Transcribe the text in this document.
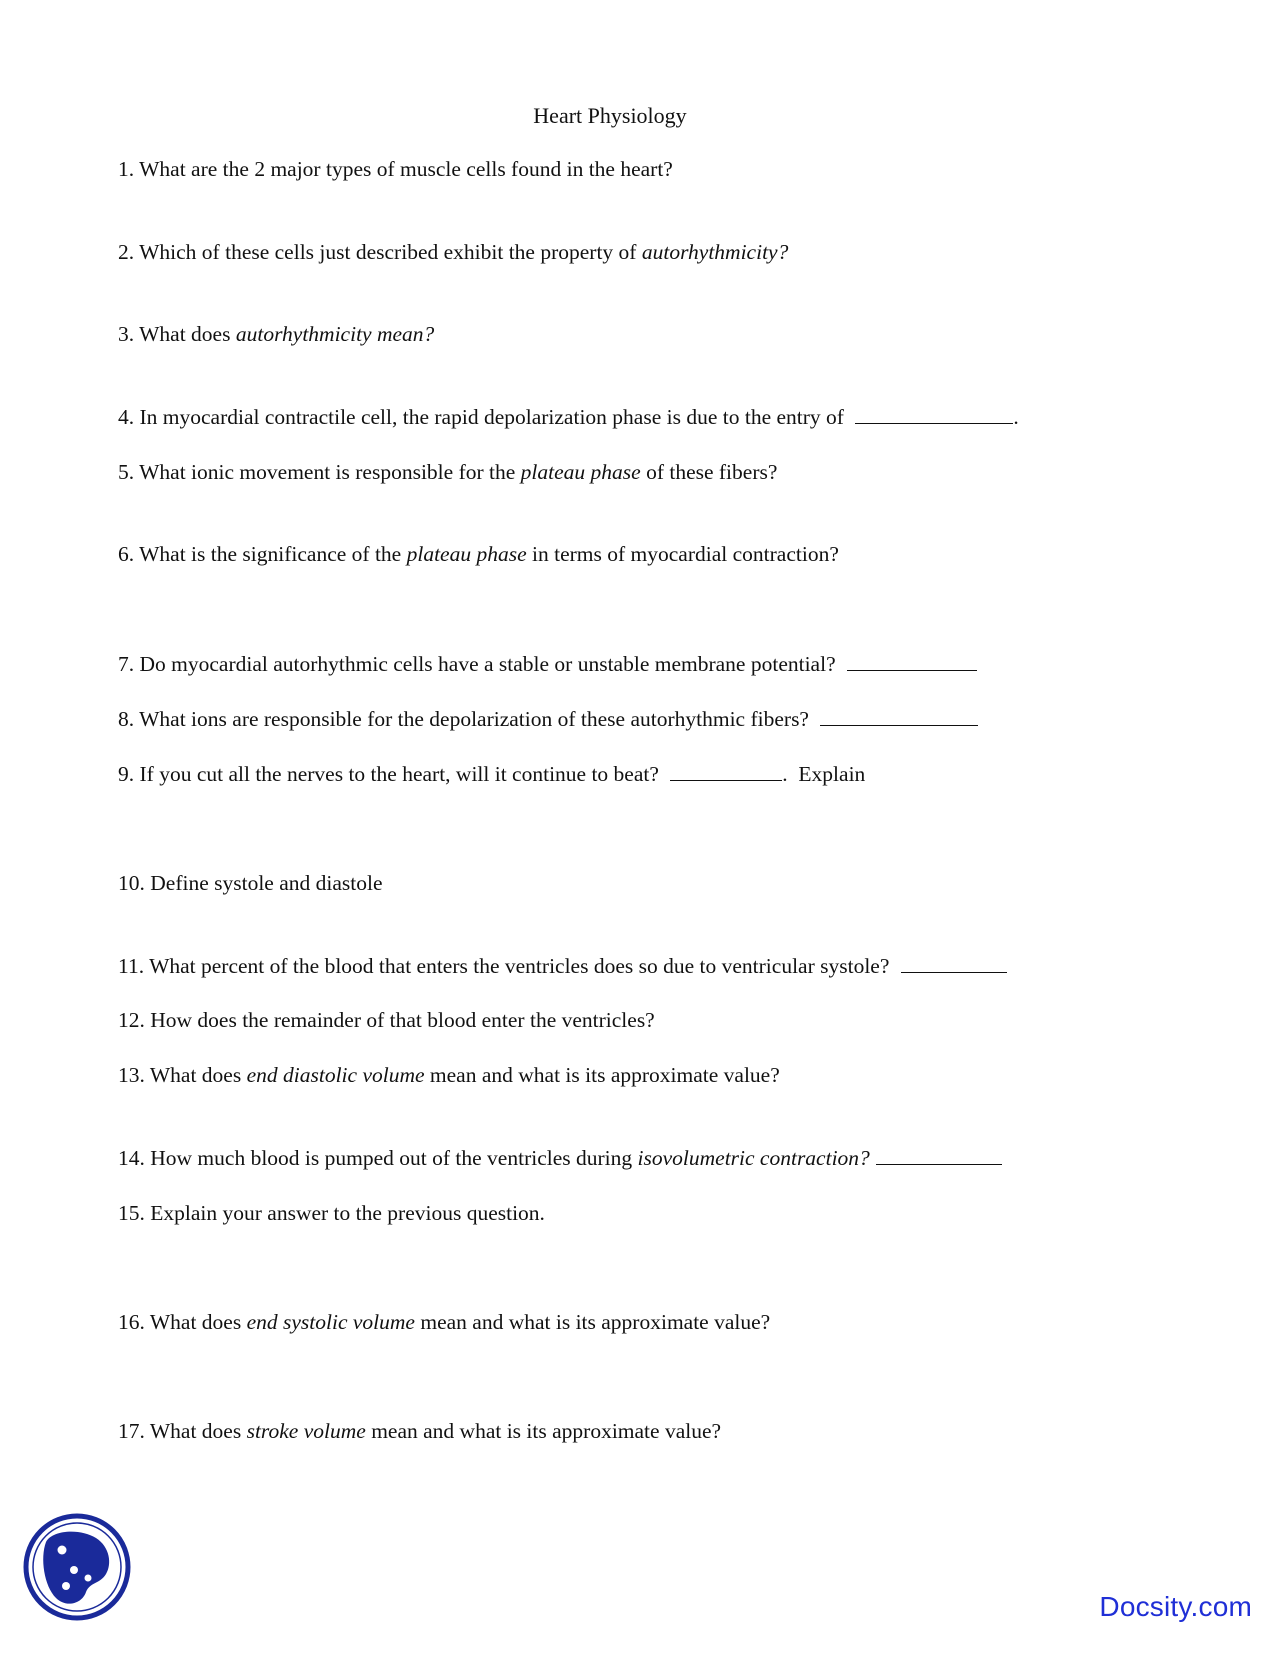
Heart Physiology
1. What are the 2 major types of muscle cells found in the heart?
2. Which of these cells just described exhibit the property of autorhythmicity?
3. What does autorhythmicity mean?
4. In myocardial contractile cell, the rapid depolarization phase is due to the entry of	.
5. What ionic movement is responsible for the plateau phase of these fibers?
6. What is the significance of the plateau phase in terms of myocardial contraction?
7. Do myocardial autorhythmic cells have a stable or unstable membrane potential?
8. What ions are responsible for the depolarization of these autorhythmic fibers?
9. If you cut all the nerves to the heart, will it continue to beat?	.  Explain
10. Define systole and diastole
11. What percent of the blood that enters the ventricles does so due to ventricular systole?
12. How does the remainder of that blood enter the ventricles?
13. What does end diastolic volume mean and what is its approximate value?
14. How much blood is pumped out of the ventricles during isovolumetric contraction?
15. Explain your answer to the previous question.
16. What does end systolic volume mean and what is its approximate value?
17. What does stroke volume mean and what is its approximate value?
Docsity.com
